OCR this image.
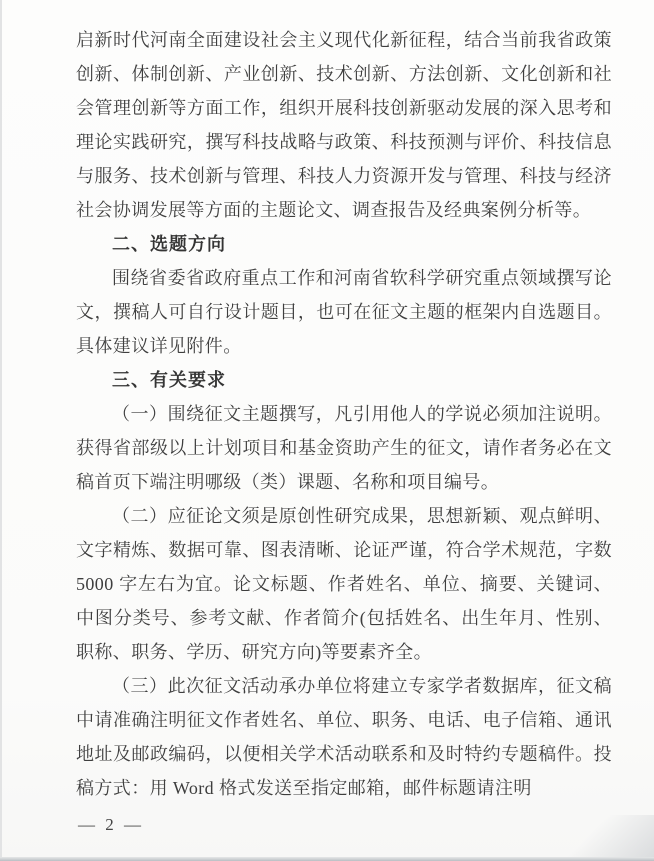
启新时代河南全面建设社会主义现代化新征程，结合当前我省政策创新、体制创新、产业创新、技术创新、方法创新、文化创新和社会管理创新等方面工作，组织开展科技创新驱动发展的深入思考和理论实践研究，撰写科技战略与政策、科技预测与评价、科技信息与服务、技术创新与管理、科技人力资源开发与管理、科技与经济社会协调发展等方面的主题论文、调查报告及经典案例分析等。

二、选题方向

围绕省委省政府重点工作和河南省软科学研究重点领域撰写论文，撰稿人可自行设计题目，也可在征文主题的框架内自选题目。具体建议详见附件。

三、有关要求

（一）围绕征文主题撰写，凡引用他人的学说必须加注说明。获得省部级以上计划项目和基金资助产生的征文，请作者务必在文稿首页下端注明哪级（类）课题、名称和项目编号。

（二）应征论文须是原创性研究成果，思想新颖、观点鲜明、文字精炼、数据可靠、图表清晰、论证严谨，符合学术规范，字数 5000 字左右为宜。论文标题、作者姓名、单位、摘要、关键词、中图分类号、参考文献、作者简介(包括姓名、出生年月、性别、职称、职务、学历、研究方向)等要素齐全。

（三）此次征文活动承办单位将建立专家学者数据库，征文稿中请准确注明征文作者姓名、单位、职务、电话、电子信箱、通讯地址及邮政编码，以便相关学术活动联系和及时特约专题稿件。投稿方式：用 Word 格式发送至指定邮箱，邮件标题请注明

— 2 —
